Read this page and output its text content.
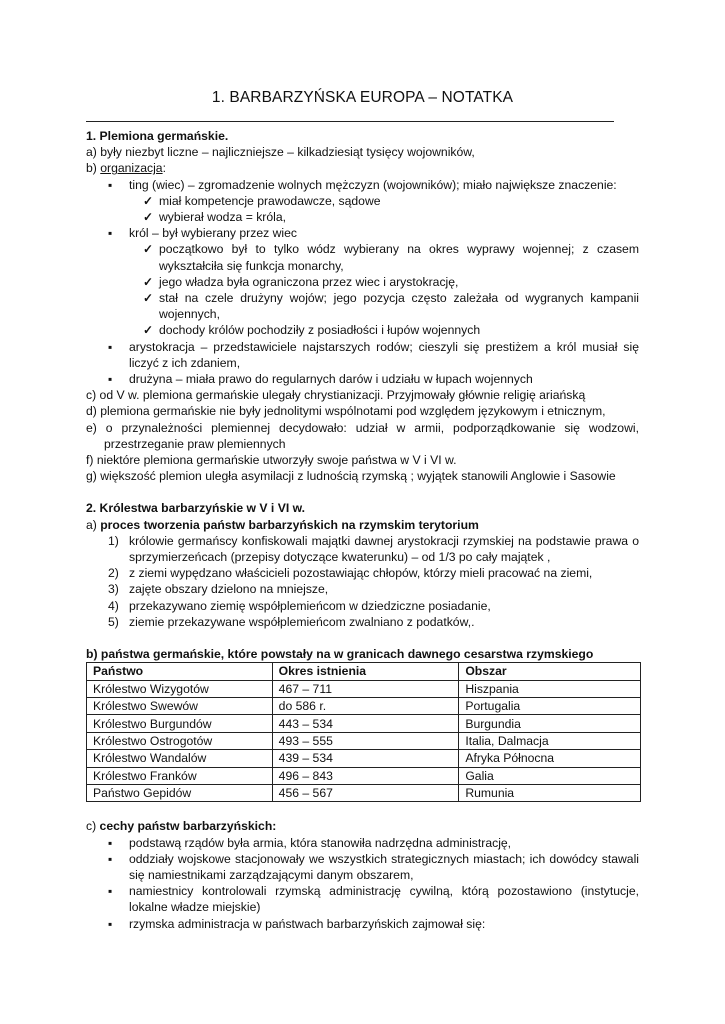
1. BARBARZYŃSKA EUROPA – NOTATKA

1. Plemiona germańskie.

a) były niezbyt liczne – najliczniejsze – kilkadziesiąt tysięcy wojowników,

b) organizacja:

▪ ting (wiec) – zgromadzenie wolnych mężczyzn (wojowników); miało największe znaczenie:

✓ miał kompetencje prawodawcze, sądowe

✓ wybierał wodza = króla,

▪ król – był wybierany przez wiec

✓ początkowo był to tylko wódz wybierany na okres wyprawy wojennej; z czasem wykształciła się funkcja monarchy,

✓ jego władza była ograniczona przez wiec i arystokrację,

✓ stał na czele drużyny wojów; jego pozycja często zależała od wygranych kampanii wojennych,

✓ dochody królów pochodziły z posiadłości i łupów wojennych

▪ arystokracja – przedstawiciele najstarszych rodów; cieszyli się prestiżem a król musiał się liczyć z ich zdaniem,

▪ drużyna – miała prawo do regularnych darów i udziału w łupach wojennych

c) od V w. plemiona germańskie ulegały chrystianizacji. Przyjmowały głównie religię ariańską

d) plemiona germańskie nie były jednolitymi wspólnotami pod względem językowym i etnicznym,

e) o przynależności plemiennej decydowało: udział w armii, podporządkowanie się wodzowi, przestrzeganie praw plemiennych

f) niektóre plemiona germańskie utworzyły swoje państwa w V i VI w.

g) większość plemion uległa asymilacji z ludnością rzymską ; wyjątek stanowili Anglowie i Sasowie

2. Królestwa barbarzyńskie w V i VI w.

a) proces tworzenia państw barbarzyńskich na rzymskim terytorium

1) królowie germańscy konfiskowali majątki dawnej arystokracji rzymskiej na podstawie prawa o sprzymierzeńcach (przepisy dotyczące kwaterunku) – od 1/3 po cały majątek ,

2) z ziemi wypędzano właścicieli pozostawiając chłopów, którzy mieli pracować na ziemi,

3) zajęte obszary dzielono na mniejsze,

4) przekazywano ziemię współplemieńcom w dziedziczne posiadanie,

5) ziemie przekazywane współplemieńcom zwalniano z podatków,.

b) państwa germańskie, które powstały na w granicach dawnego cesarstwa rzymskiego

Państwo	Okres istnienia	Obszar
Królestwo Wizygotów	467 – 711	Hiszpania
Królestwo Swewów	do 586 r.	Portugalia
Królestwo Burgundów	443 – 534	Burgundia
Królestwo Ostrogotów	493 – 555	Italia, Dalmacja
Królestwo Wandalów	439 – 534	Afryka Północna
Królestwo Franków	496 – 843	Galia
Państwo Gepidów	456 – 567	Rumunia

c) cechy państw barbarzyńskich:

▪ podstawą rządów była armia, która stanowiła nadrzędna administrację,

▪ oddziały wojskowe stacjonowały we wszystkich strategicznych miastach; ich dowódcy stawali się namiestnikami zarządzającymi danym obszarem,

▪ namiestnicy kontrolowali rzymską administrację cywilną, którą pozostawiono (instytucje, lokalne władze miejskie)

▪ rzymska administracja w państwach barbarzyńskich zajmował się:
